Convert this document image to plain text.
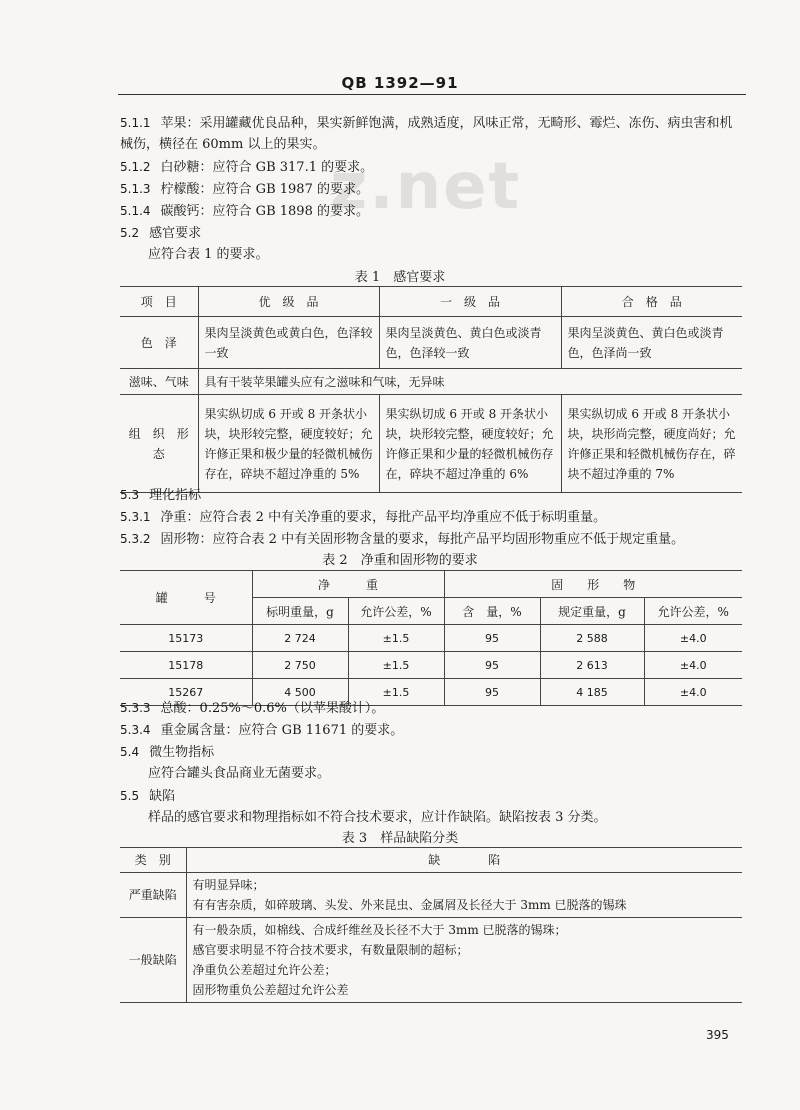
QB 1392—91
z.net
5.1.1 苹果：采用罐藏优良品种，果实新鲜饱满，成熟适度，风味正常，无畸形、霉烂、冻伤、病虫害和机
械伤，横径在 60mm 以上的果实。
5.1.2 白砂糖：应符合 GB 317.1 的要求。
5.1.3 柠檬酸：应符合 GB 1987 的要求。
5.1.4 碳酸钙：应符合 GB 1898 的要求。
5.2 感官要求
应符合表 1 的要求。
表 1　感官要求
项　目	优　级　品	一　级　品	合　格　品
色　泽	果肉呈淡黄色或黄白色，色泽较一致	果肉呈淡黄色、黄白色或淡青色，色泽较一致	果肉呈淡黄色、黄白色或淡青色，色泽尚一致
滋味、气味	具有干装苹果罐头应有之滋味和气味，无异味		
组　织　形　态	果实纵切成 6 开或 8 开条状小块，块形较完整，硬度较好；允许修正果和极少量的轻微机械伤存在，碎块不超过净重的 5%	果实纵切成 6 开或 8 开条状小块，块形较完整，硬度较好；允许修正果和少量的轻微机械伤存在，碎块不超过净重的 6%	果实纵切成 6 开或 8 开条状小块，块形尚完整，硬度尚好；允许修正果和轻微机械伤存在，碎块不超过净重的 7%
5.3 理化指标
5.3.1 净重：应符合表 2 中有关净重的要求，每批产品平均净重应不低于标明重量。
5.3.2 固形物：应符合表 2 中有关固形物含量的要求，每批产品平均固形物重应不低于规定重量。
表 2　净重和固形物的要求
罐　　　号	净　　　重		固　　形　　物		
	标明重量，g	允许公差，%	含　量，%	规定重量，g	允许公差，%
15173	2 724	±1.5	95	2 588	±4.0
15178	2 750	±1.5	95	2 613	±4.0
15267	4 500	±1.5	95	4 185	±4.0
5.3.3 总酸：0.25%～0.6%（以苹果酸计）。
5.3.4 重金属含量：应符合 GB 11671 的要求。
5.4 微生物指标
应符合罐头食品商业无菌要求。
5.5 缺陷
样品的感官要求和物理指标如不符合技术要求，应计作缺陷。缺陷按表 3 分类。
表 3　样品缺陷分类
类　别	缺　　　　陷
严重缺陷	有明显异味；
有有害杂质，如碎玻璃、头发、外来昆虫、金属屑及长径大于 3mm 已脱落的锡珠

一般缺陷	有一般杂质，如棉线、合成纤维丝及长径不大于 3mm 已脱落的锡珠；
感官要求明显不符合技术要求，有数量限制的超标；
净重负公差超过允许公差；
固形物重负公差超过允许公差
395
